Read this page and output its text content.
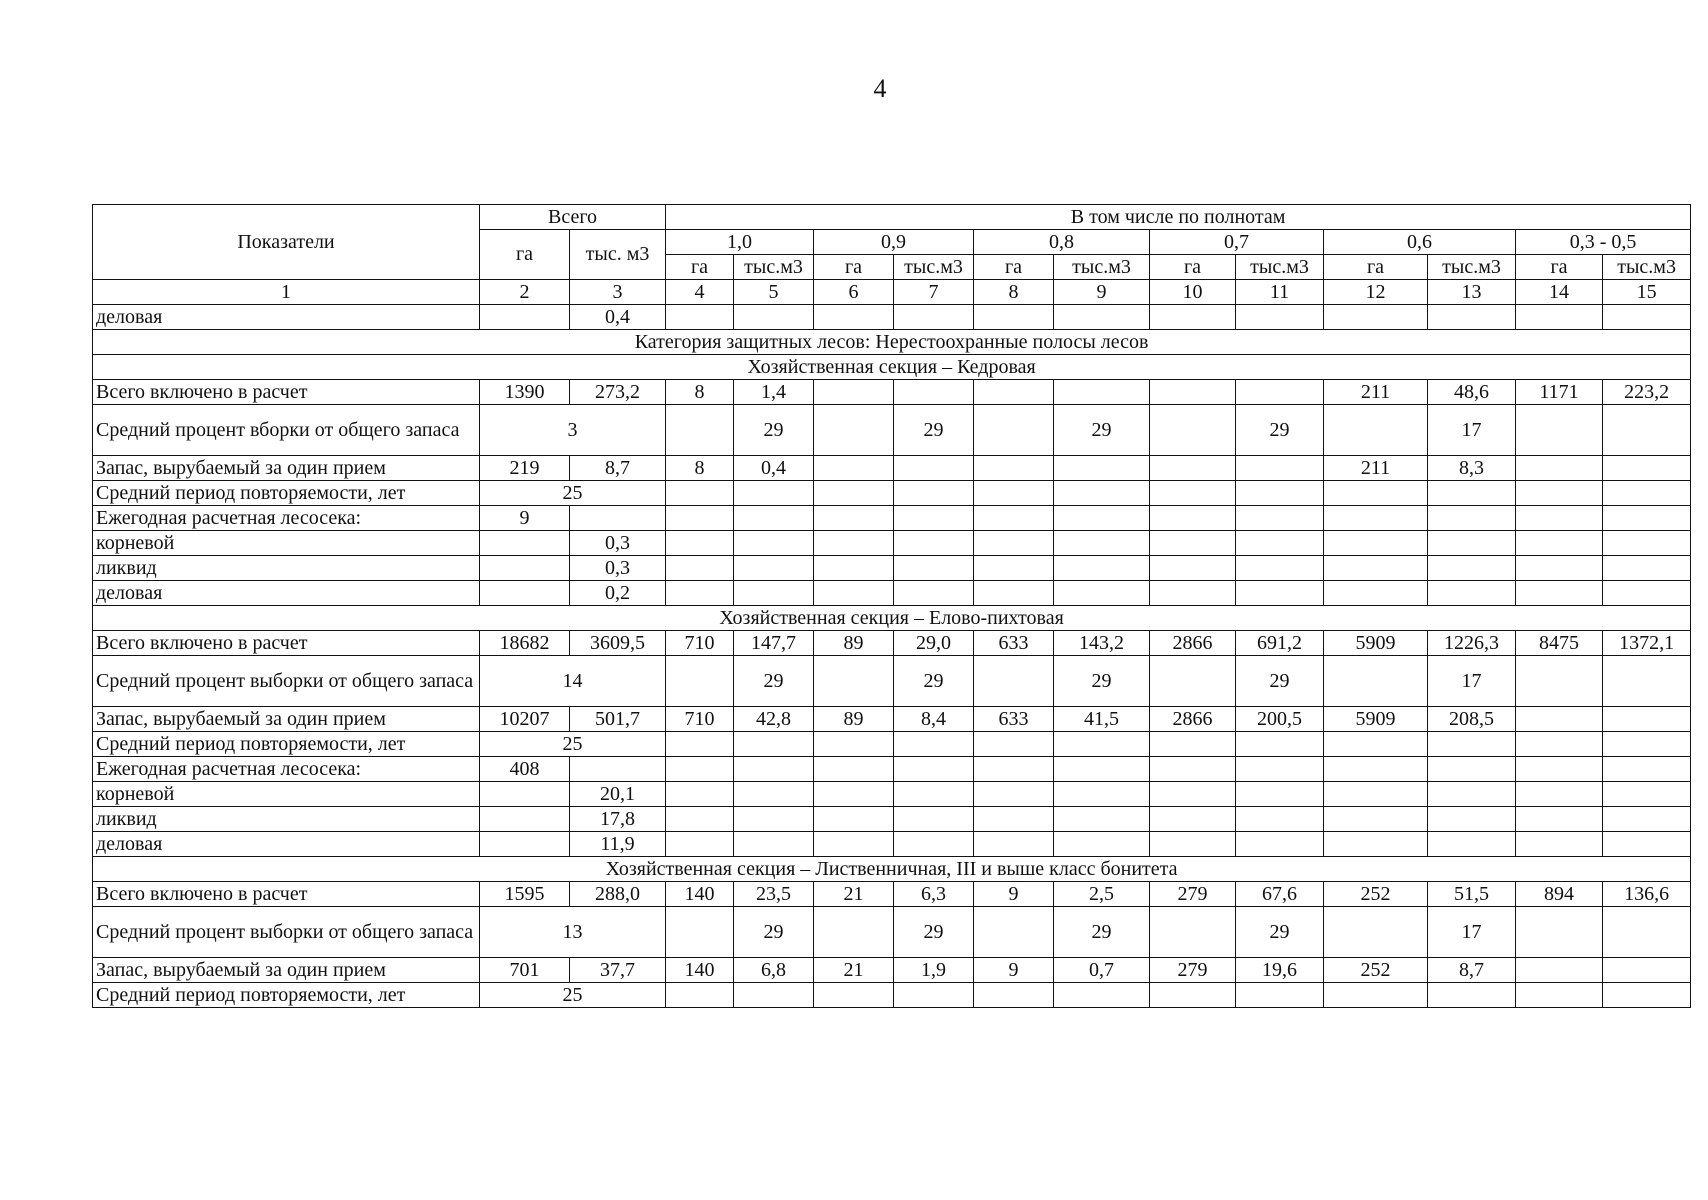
4
Показатели	Всего		В том числе по полнотам											
	га	тыс. м3	1,0		0,9		0,8		0,7		0,6		0,3 - 0,5	
			га	тыс.м3	га	тыс.м3	га	тыс.м3	га	тыс.м3	га	тыс.м3	га	тыс.м3
1	2	3	4	5	6	7	8	9	10	11	12	13	14	15
деловая		0,4												
Категория защитных лесов: Нерестоохранные полосы лесов														
Хозяйственная секция – Кедровая														
Всего включено в расчет	1390	273,2	8	1,4							211	48,6	1171	223,2
Средний процент вборки от общего запаса	3			29		29		29		29		17		
Запас, вырубаемый за один прием	219	8,7	8	0,4							211	8,3		
Средний период повторяемости, лет	25													
Ежегодная расчетная лесосека:	9													
корневой		0,3												
ликвид		0,3												
деловая		0,2												
Хозяйственная секция – Елово-пихтовая														
Всего включено в расчет	18682	3609,5	710	147,7	89	29,0	633	143,2	2866	691,2	5909	1226,3	8475	1372,1
Средний процент выборки от общего запаса	14			29		29		29		29		17		
Запас, вырубаемый за один прием	10207	501,7	710	42,8	89	8,4	633	41,5	2866	200,5	5909	208,5		
Средний период повторяемости, лет	25													
Ежегодная расчетная лесосека:	408													
корневой		20,1												
ликвид		17,8												
деловая		11,9												
Хозяйственная секция – Лиственничная, III и выше класс бонитета														
Всего включено в расчет	1595	288,0	140	23,5	21	6,3	9	2,5	279	67,6	252	51,5	894	136,6
Средний процент выборки от общего запаса	13			29		29		29		29		17		
Запас, вырубаемый за один прием	701	37,7	140	6,8	21	1,9	9	0,7	279	19,6	252	8,7		
Средний период повторяемости, лет	25													
